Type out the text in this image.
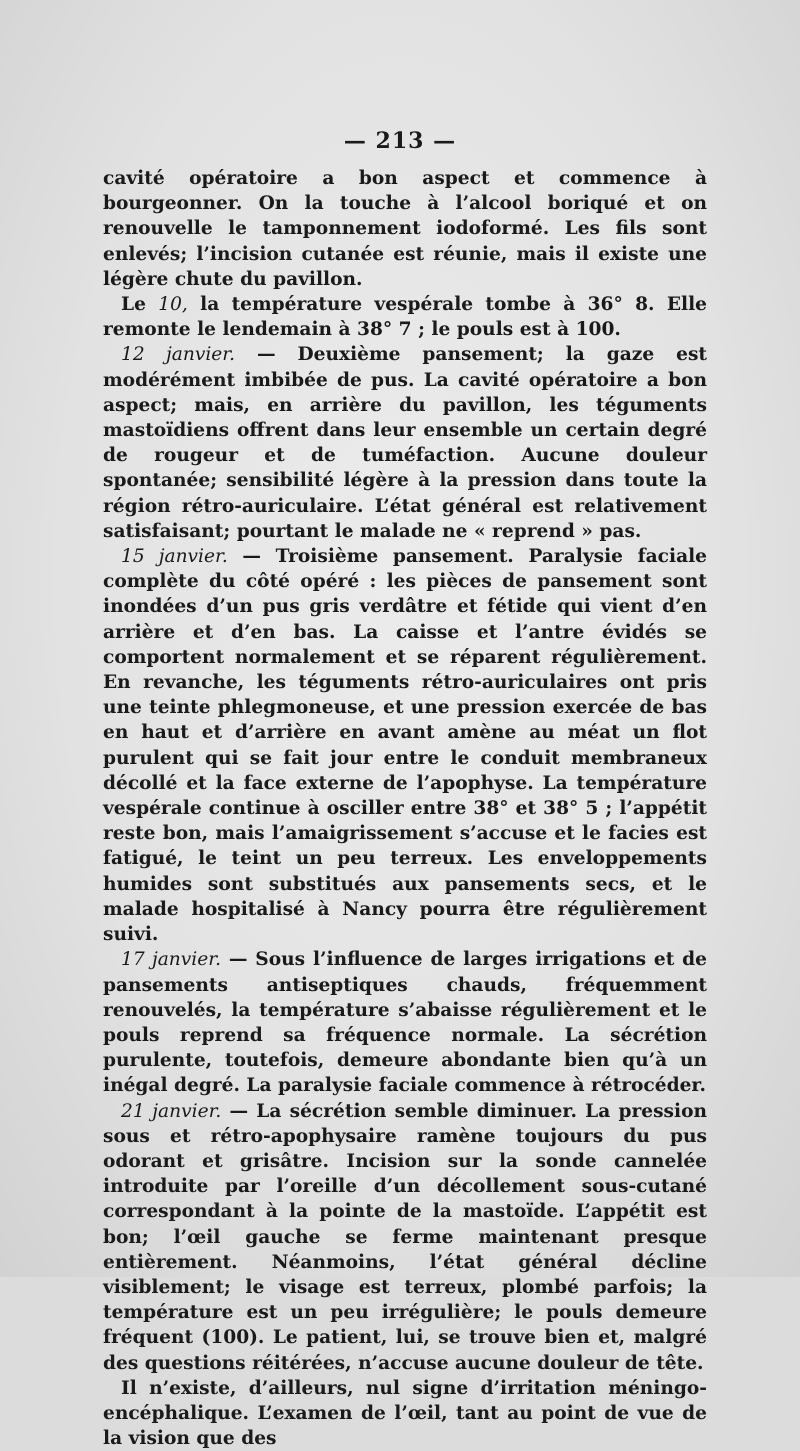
— 213 —

cavité opératoire a bon aspect et commence à bourgeonner. On la touche à l’alcool boriqué et on renouvelle le tamponnement iodoformé. Les fils sont enlevés; l’incision cutanée est réunie, mais il existe une légère chute du pavillon.

Le 10, la température vespérale tombe à 36° 8. Elle remonte le lendemain à 38° 7 ; le pouls est à 100.

12 janvier. — Deuxième pansement; la gaze est modérément imbibée de pus. La cavité opératoire a bon aspect; mais, en arrière du pavillon, les téguments mastoïdiens offrent dans leur ensemble un certain degré de rougeur et de tuméfaction. Aucune douleur spontanée; sensibilité légère à la pression dans toute la région rétro-auriculaire. L’état général est relativement satisfaisant; pourtant le malade ne « reprend » pas.

15 janvier. — Troisième pansement. Paralysie faciale complète du côté opéré : les pièces de pansement sont inondées d’un pus gris verdâtre et fétide qui vient d’en arrière et d’en bas. La caisse et l’antre évidés se comportent normalement et se réparent régulièrement. En revanche, les téguments rétro-auriculaires ont pris une teinte phlegmoneuse, et une pression exercée de bas en haut et d’arrière en avant amène au méat un flot purulent qui se fait jour entre le conduit membraneux décollé et la face externe de l’apophyse. La température vespérale continue à osciller entre 38° et 38° 5 ; l’appétit reste bon, mais l’amaigrissement s’accuse et le facies est fatigué, le teint un peu terreux. Les enveloppements humides sont substitués aux pansements secs, et le malade hospitalisé à Nancy pourra être régulièrement suivi.

17 janvier. — Sous l’influence de larges irrigations et de pansements antiseptiques chauds, fréquemment renouvelés, la température s’abaisse régulièrement et le pouls reprend sa fréquence normale. La sécrétion purulente, toutefois, demeure abondante bien qu’à un inégal degré. La paralysie faciale commence à rétrocéder.

21 janvier. — La sécrétion semble diminuer. La pression sous et rétro-apophysaire ramène toujours du pus odorant et grisâtre. Incision sur la sonde cannelée introduite par l’oreille d’un décollement sous-cutané correspondant à la pointe de la mastoïde. L’appétit est bon; l’œil gauche se ferme maintenant presque entièrement. Néanmoins, l’état général décline visiblement; le visage est terreux, plombé parfois; la température est un peu irrégulière; le pouls demeure fréquent (100). Le patient, lui, se trouve bien et, malgré des questions réitérées, n’accuse aucune douleur de tête.

Il n’existe, d’ailleurs, nul signe d’irritation méningo-encéphalique. L’examen de l’œil, tant au point de vue de la vision que des
